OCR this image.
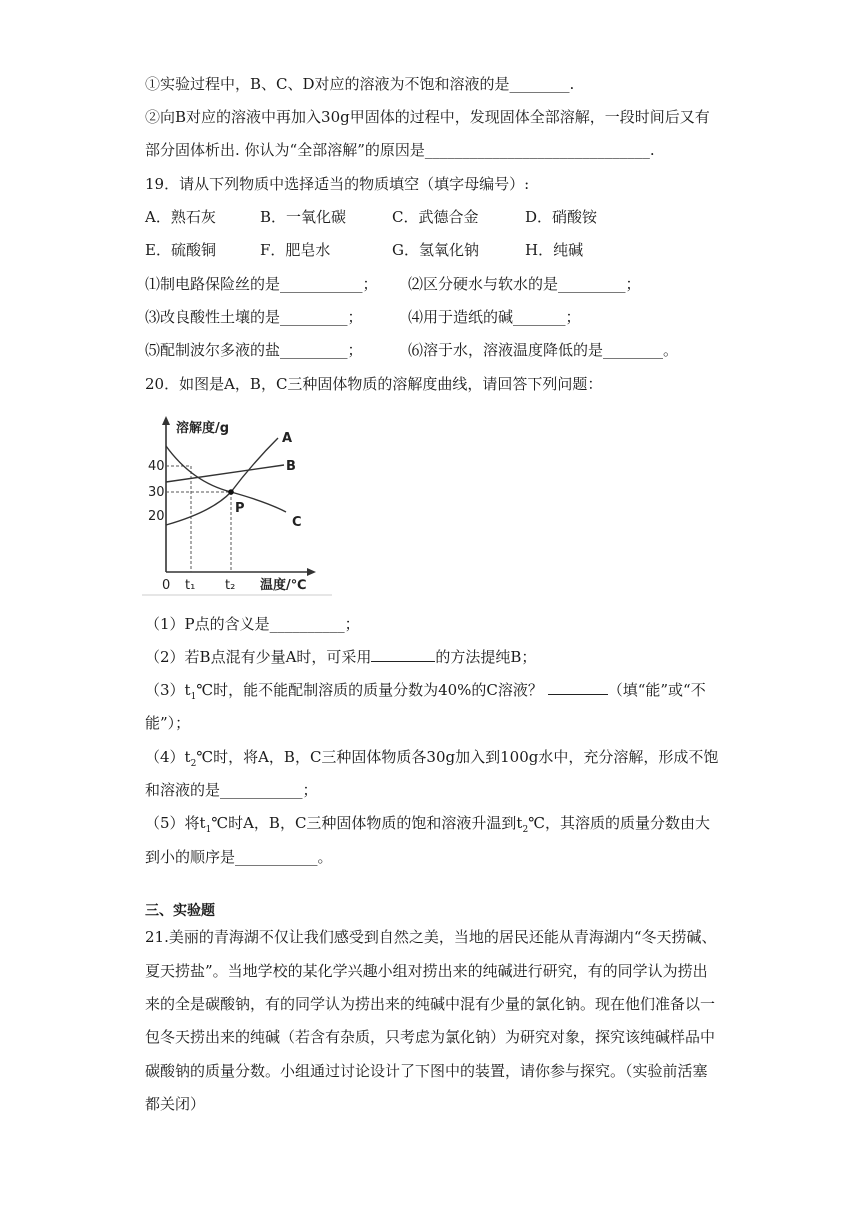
①实验过程中，B、C、D对应的溶液为不饱和溶液的是________.
②向B对应的溶液中再加入30g甲固体的过程中，发现固体全部溶解，一段时间后又有
部分固体析出. 你认为“全部溶解”的原因是______________________________.
19．请从下列物质中选择适当的物质填空（填字母编号）:
A．熟石灰	B．一氧化碳	C．武德合金	D．硝酸铵
E．硫酸铜	F．肥皂水	G．氢氧化钠	H．纯碱
⑴制电路保险丝的是___________； ⑵区分硬水与软水的是_________；
⑶改良酸性土壤的是_________；	⑷用于造纸的碱_______；
⑸配制波尔多液的盐_________；	⑹溶于水，溶液温度降低的是________。
20．如图是A，B，C三种固体物质的溶解度曲线，请回答下列问题：
溶解度/g
40
30
20
0 t₁ t₂ 温度/℃
A
B
C
P
（1）P点的含义是__________；
（2）若B点混有少量A时，可采用	的方法提纯B；
$(3)t_1℃$时，能不能配制溶质的质量分数为40%的C溶液？	（填“能”或“不
能”）；
$(4)t_2℃$时，将A，B，C三种固体物质各30g加入到100g水中，充分溶解，形成不饱
和溶液的是___________；
（5）将$t_1℃$时A，B，C三种固体物质的饱和溶液升温到$t_2℃$，其溶质的质量分数由大
到小的顺序是___________。
三、实验题
21.美丽的青海湖不仅让我们感受到自然之美，当地的居民还能从青海湖内“冬天捞碱、
夏天捞盐”。当地学校的某化学兴趣小组对捞出来的纯碱进行研究，有的同学认为捞出
来的全是碳酸钠，有的同学认为捞出来的纯碱中混有少量的氯化钠。现在他们准备以一
包冬天捞出来的纯碱（若含有杂质，只考虑为氯化钠）为研究对象，探究该纯碱样品中
碳酸钠的质量分数。小组通过讨论设计了下图中的装置，请你参与探究。（实验前活塞
都关闭）
